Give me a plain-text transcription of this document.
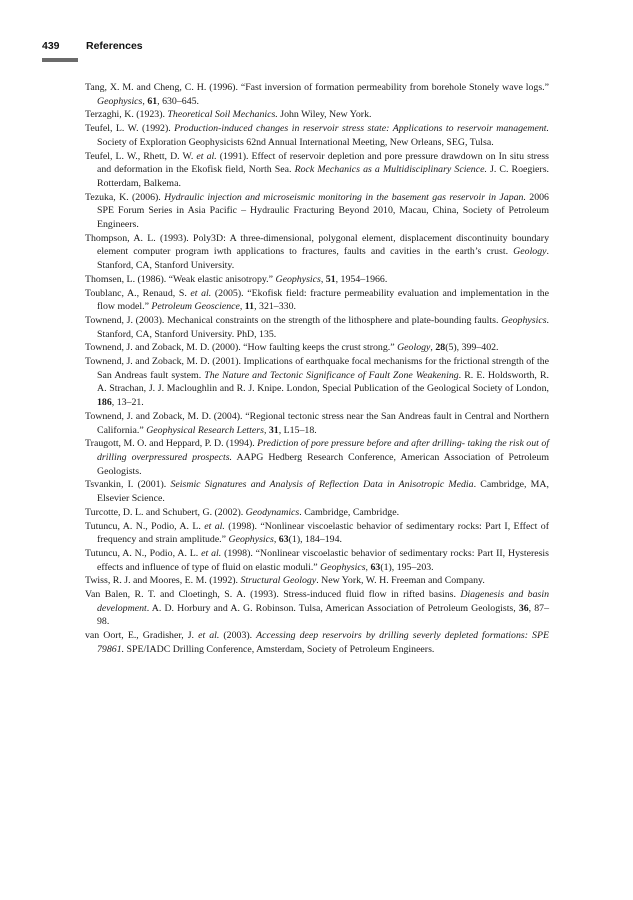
439	References
Tang, X. M. and Cheng, C. H. (1996). “Fast inversion of formation permeability from borehole Stonely wave logs.” Geophysics, 61, 630–645.
Terzaghi, K. (1923). Theoretical Soil Mechanics. John Wiley, New York.
Teufel, L. W. (1992). Production-induced changes in reservoir stress state: Applications to reservoir management. Society of Exploration Geophysicists 62nd Annual International Meeting, New Orleans, SEG, Tulsa.
Teufel, L. W., Rhett, D. W. et al. (1991). Effect of reservoir depletion and pore pressure drawdown on In situ stress and deformation in the Ekofisk field, North Sea. Rock Mechanics as a Multidisciplinary Science. J. C. Roegiers. Rotterdam, Balkema.
Tezuka, K. (2006). Hydraulic injection and microseismic monitoring in the basement gas reservoir in Japan. 2006 SPE Forum Series in Asia Pacific – Hydraulic Fracturing Beyond 2010, Macau, China, Society of Petroleum Engineers.
Thompson, A. L. (1993). Poly3D: A three-dimensional, polygonal element, displacement discontinuity boundary element computer program iwth applications to fractures, faults and cavities in the earth’s crust. Geology. Stanford, CA, Stanford University.
Thomsen, L. (1986). “Weak elastic anisotropy.” Geophysics, 51, 1954–1966.
Toublanc, A., Renaud, S. et al. (2005). “Ekofisk field: fracture permeability evaluation and implementation in the flow model.” Petroleum Geoscience, 11, 321–330.
Townend, J. (2003). Mechanical constraints on the strength of the lithosphere and plate-bounding faults. Geophysics. Stanford, CA, Stanford University. PhD, 135.
Townend, J. and Zoback, M. D. (2000). “How faulting keeps the crust strong.” Geology, 28(5), 399–402.
Townend, J. and Zoback, M. D. (2001). Implications of earthquake focal mechanisms for the frictional strength of the San Andreas fault system. The Nature and Tectonic Significance of Fault Zone Weakening. R. E. Holdsworth, R. A. Strachan, J. J. Macloughlin and R. J. Knipe. London, Special Publication of the Geological Society of London, 186, 13–21.
Townend, J. and Zoback, M. D. (2004). “Regional tectonic stress near the San Andreas fault in Central and Northern California.” Geophysical Research Letters, 31, L15–18.
Traugott, M. O. and Heppard, P. D. (1994). Prediction of pore pressure before and after drilling- taking the risk out of drilling overpressured prospects. AAPG Hedberg Research Conference, American Association of Petroleum Geologists.
Tsvankin, I. (2001). Seismic Signatures and Analysis of Reflection Data in Anisotropic Media. Cambridge, MA, Elsevier Science.
Turcotte, D. L. and Schubert, G. (2002). Geodynamics. Cambridge, Cambridge.
Tutuncu, A. N., Podio, A. L. et al. (1998). “Nonlinear viscoelastic behavior of sedimentary rocks: Part I, Effect of frequency and strain amplitude.” Geophysics, 63(1), 184–194.
Tutuncu, A. N., Podio, A. L. et al. (1998). “Nonlinear viscoelastic behavior of sedimentary rocks: Part II, Hysteresis effects and influence of type of fluid on elastic moduli.” Geophysics, 63(1), 195–203.
Twiss, R. J. and Moores, E. M. (1992). Structural Geology. New York, W. H. Freeman and Company.
Van Balen, R. T. and Cloetingh, S. A. (1993). Stress-induced fluid flow in rifted basins. Diagenesis and basin development. A. D. Horbury and A. G. Robinson. Tulsa, American Association of Petroleum Geologists, 36, 87–98.
van Oort, E., Gradisher, J. et al. (2003). Accessing deep reservoirs by drilling severly depleted formations: SPE 79861. SPE/IADC Drilling Conference, Amsterdam, Society of Petroleum Engineers.
